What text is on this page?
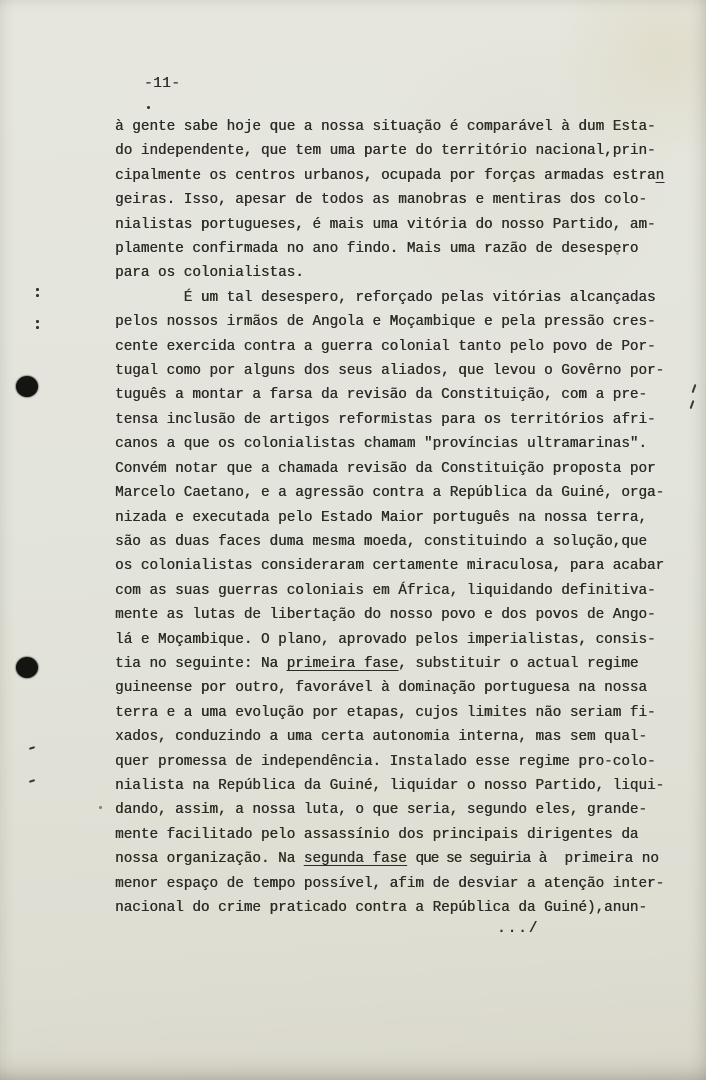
-11-
à gente sabe hoje que a nossa situação é comparável à dum Esta-
do independente, que tem uma parte do território nacional,prin-
cipalmente os centros urbanos, ocupada por forças armadas estran
geiras. Isso, apesar de todos as manobras e mentiras dos colo-
nialistas portugueses, é mais uma vitória do nosso Partido, am-
plamente confirmada no ano findo. Mais uma razão de desespero
para os colonialistas.
É um tal desespero, reforçado pelas vitórias alcançadas
pelos nossos irmãos de Angola e Moçambique e pela pressão cres-
cente exercida contra a guerra colonial tanto pelo povo de Por-
tugal como por alguns dos seus aliados, que levou o Govêrno por-
tuguês a montar a farsa da revisão da Constituição, com a pre-
tensa inclusão de artigos reformistas para os territórios afri-
canos a que os colonialistas chamam "províncias ultramarinas".
Convém notar que a chamada revisão da Constituição proposta por
Marcelo Caetano, e a agressão contra a República da Guiné, orga-
nizada e executada pelo Estado Maior português na nossa terra,
são as duas faces duma mesma moeda, constituindo a solução,que
os colonialistas consideraram certamente miraculosa, para acabar
com as suas guerras coloniais em África, liquidando definitiva-
mente as lutas de libertação do nosso povo e dos povos de Ango-
lá e Moçambique. O plano, aprovado pelos imperialistas, consis-
tia no seguinte: Na primeira fase, substituir o actual regime
guineense por outro, favorável à dominação portuguesa na nossa
terra e a uma evolução por etapas, cujos limites não seriam fi-
xados, conduzindo a uma certa autonomia interna, mas sem qual-
quer promessa de independência. Instalado esse regime pro-colo-
nialista na República da Guiné, liquidar o nosso Partido, liqui-
dando, assim, a nossa luta, o que seria, segundo eles, grande-
mente facilitado pelo assassínio dos principais dirigentes da
nossa organização. Na segunda fase que se seguiria à  primeira no
menor espaço de tempo possível, afim de desviar a atenção inter-
nacional do crime praticado contra a República da Guiné),anun-
.../
